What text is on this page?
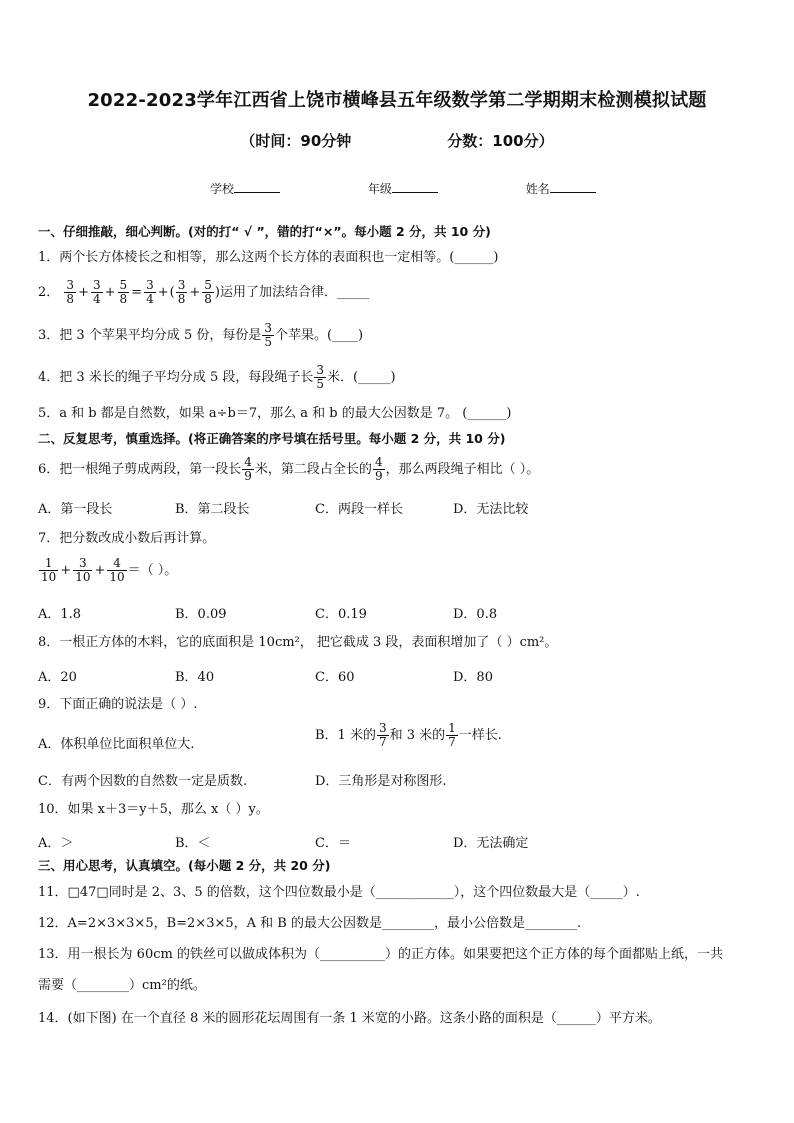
2022-2023学年江西省上饶市横峰县五年级数学第二学期期末检测模拟试题
（时间：90分钟	分数：100分）
学校	年级	姓名
一、仔细推敲，细心判断。(对的打“ √ ”，错的打“×”。每小题 2 分，共 10 分)
1．两个长方体棱长之和相等，那么这两个长方体的表面积也一定相等。(______)
2． $\frac{3}{8} + \frac{3}{4} + \frac{5}{8} = \frac{3}{4}$ +( $\frac{3}{8} + \frac{5}{8}$ )运用了加法结合律．_____
3．把 3 个苹果平均分成 5 份，每份是 $\frac{3}{5}$ 个苹果。(____)
4．把 3 米长的绳子平均分成 5 段，每段绳子长 $\frac{3}{5}$ 米．(_____)
5．a 和 b 都是自然数，如果 a÷b＝7，那么 a 和 b 的最大公因数是 7。 (______)
二、反复思考，慎重选择。(将正确答案的序号填在括号里。每小题 2 分，共 10 分)
6．把一根绳子剪成两段，第一段长 $\frac{4}{9}$ 米，第二段占全长的 $\frac{4}{9}$ ，那么两段绳子相比（ ）。
A．第一段长	B．第二段长	C．两段一样长	D．无法比较
7．把分数改成小数后再计算。
$\frac{1}{10} + \frac{3}{10} + \frac{4}{10}$ ＝（ ）。
A．1.8	B．0.09	C．0.19	D．0.8
8．一根正方体的木料，它的底面积是 10cm²， 把它截成 3 段，表面积增加了（ ）cm²。
A．20	B．40	C．60	D．80
9．下面正确的说法是（ ）.
A．体积单位比面积单位大.
B．1 米的 $\frac{3}{7}$ 和 3 米的 $\frac{1}{7}$ 一样长.
C．有两个因数的自然数一定是质数.	D．三角形是对称图形.
10．如果 x＋3＝y＋5，那么 x（ ）y。
A．＞	B．＜	C．＝	D．无法确定
三、用心思考，认真填空。(每小题 2 分，共 20 分)
11．□47□同时是 2、3、5 的倍数，这个四位数最小是（____________），这个四位数最大是（_____）.
12．A=2×3×3×5，B=2×3×5，A 和 B 的最大公因数是________，最小公倍数是________.
13．用一根长为 60cm 的铁丝可以做成体积为（__________）的正方体。如果要把这个正方体的每个面都贴上纸，一共
需要（________）cm²的纸。
14．(如下图) 在一个直径 8 米的圆形花坛周围有一条 1 米宽的小路。这条小路的面积是（______）平方米。
